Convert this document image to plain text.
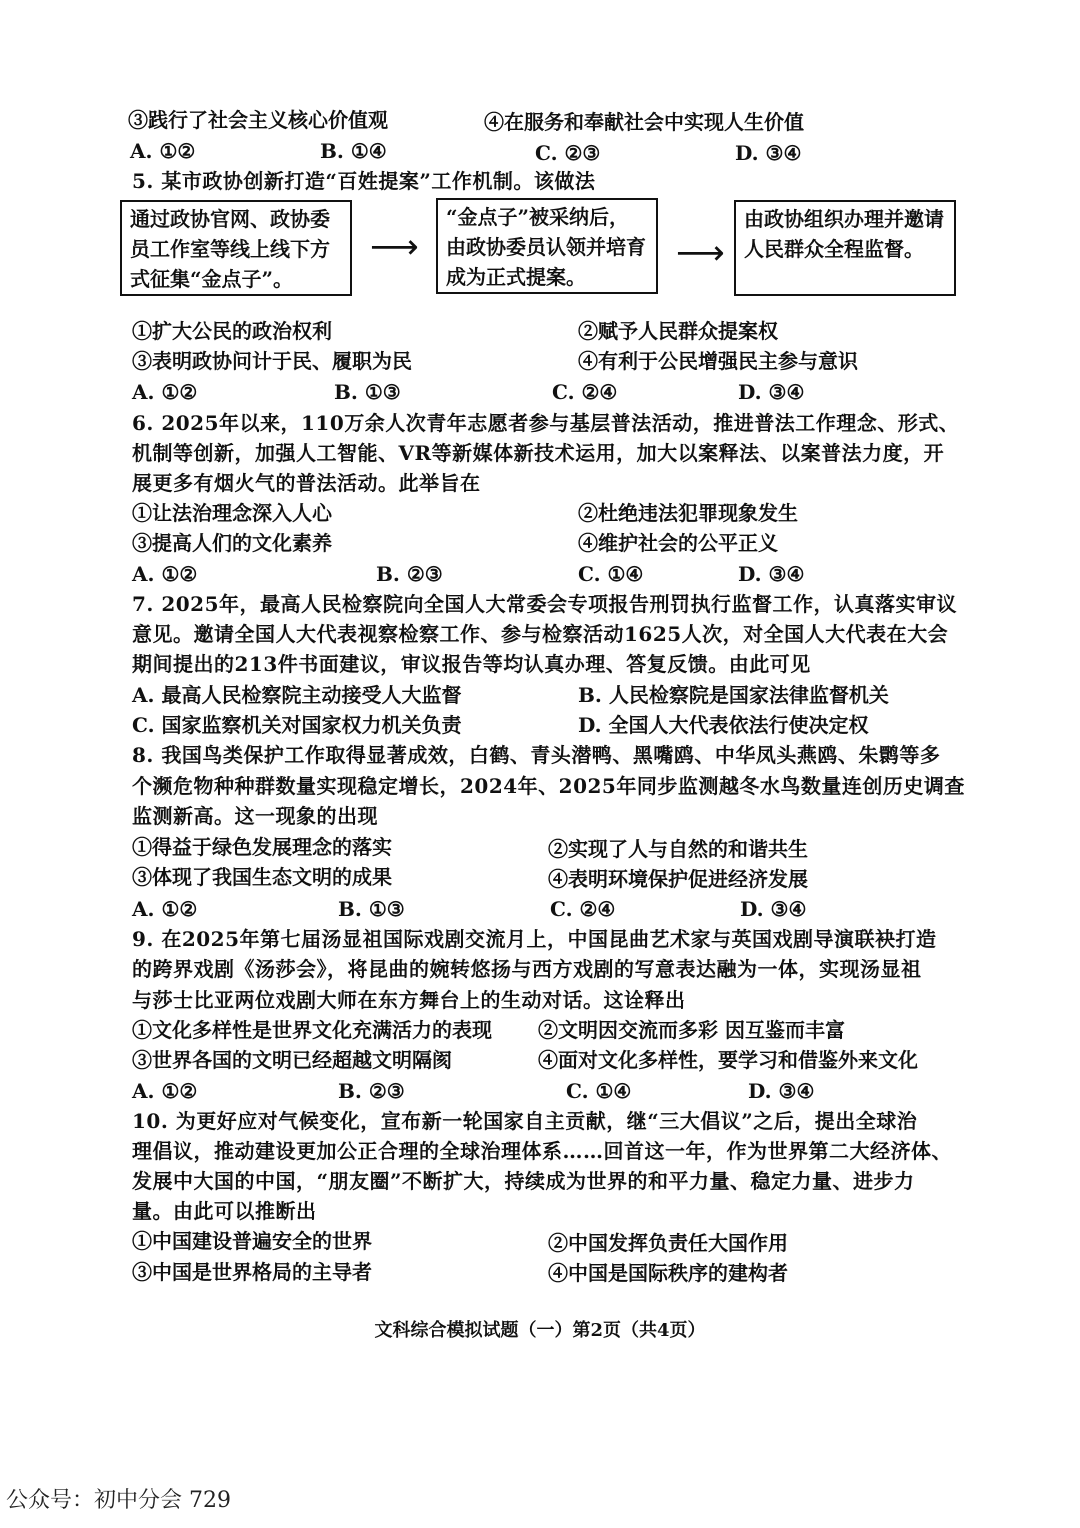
③践行了社会主义核心价值观	④在服务和奉献社会中实现人生价值
A. ①②	B. ①④	C. ②③	D. ③④
5. 某市政协创新打造“百姓提案”工作机制。该做法
通过政协官网、政协委员工作室等线上线下方式征集“金点子”。
⟶
“金点子”被采纳后，由政协委员认领并培育成为正式提案。
⟶
由政协组织办理并邀请人民群众全程监督。
①扩大公民的政治权利	②赋予人民群众提案权
③表明政协问计于民、履职为民	④有利于公民增强民主参与意识
A. ①②	B. ①③	C. ②④	D. ③④
6. 2025年以来，110万余人次青年志愿者参与基层普法活动，推进普法工作理念、形式、
机制等创新，加强人工智能、VR等新媒体新技术运用，加大以案释法、以案普法力度，开
展更多有烟火气的普法活动。此举旨在
①让法治理念深入人心	②杜绝违法犯罪现象发生
③提高人们的文化素养	④维护社会的公平正义
A. ①②	B. ②③	C. ①④	D. ③④
7. 2025年，最高人民检察院向全国人大常委会专项报告刑罚执行监督工作，认真落实审议
意见。邀请全国人大代表视察检察工作、参与检察活动1625人次，对全国人大代表在大会
期间提出的213件书面建议，审议报告等均认真办理、答复反馈。由此可见
A. 最高人民检察院主动接受人大监督	B. 人民检察院是国家法律监督机关
C. 国家监察机关对国家权力机关负责	D. 全国人大代表依法行使决定权
8. 我国鸟类保护工作取得显著成效，白鹤、青头潜鸭、黑嘴鸥、中华凤头燕鸥、朱鹮等多
个濒危物种种群数量实现稳定增长，2024年、2025年同步监测越冬水鸟数量连创历史调查
监测新高。这一现象的出现
①得益于绿色发展理念的落实	②实现了人与自然的和谐共生
③体现了我国生态文明的成果	④表明环境保护促进经济发展
A. ①②	B. ①③	C. ②④	D. ③④
9. 在2025年第七届汤显祖国际戏剧交流月上，中国昆曲艺术家与英国戏剧导演联袂打造
的跨界戏剧《汤莎会》，将昆曲的婉转悠扬与西方戏剧的写意表达融为一体，实现汤显祖
与莎士比亚两位戏剧大师在东方舞台上的生动对话。这诠释出
①文化多样性是世界文化充满活力的表现 ②文明因交流而多彩 因互鉴而丰富
③世界各国的文明已经超越文明隔阂	④面对文化多样性，要学习和借鉴外来文化
A. ①②	B. ②③	C. ①④	D. ③④
10. 为更好应对气候变化，宣布新一轮国家自主贡献，继“三大倡议”之后，提出全球治
理倡议，推动建设更加公正合理的全球治理体系……回首这一年，作为世界第二大经济体、
发展中大国的中国，“朋友圈”不断扩大，持续成为世界的和平力量、稳定力量、进步力
量。由此可以推断出
①中国建设普遍安全的世界	②中国发挥负责任大国作用
③中国是世界格局的主导者	④中国是国际秩序的建构者
文科综合模拟试题（一）第2页（共4页）
公众号：初中分会 729
